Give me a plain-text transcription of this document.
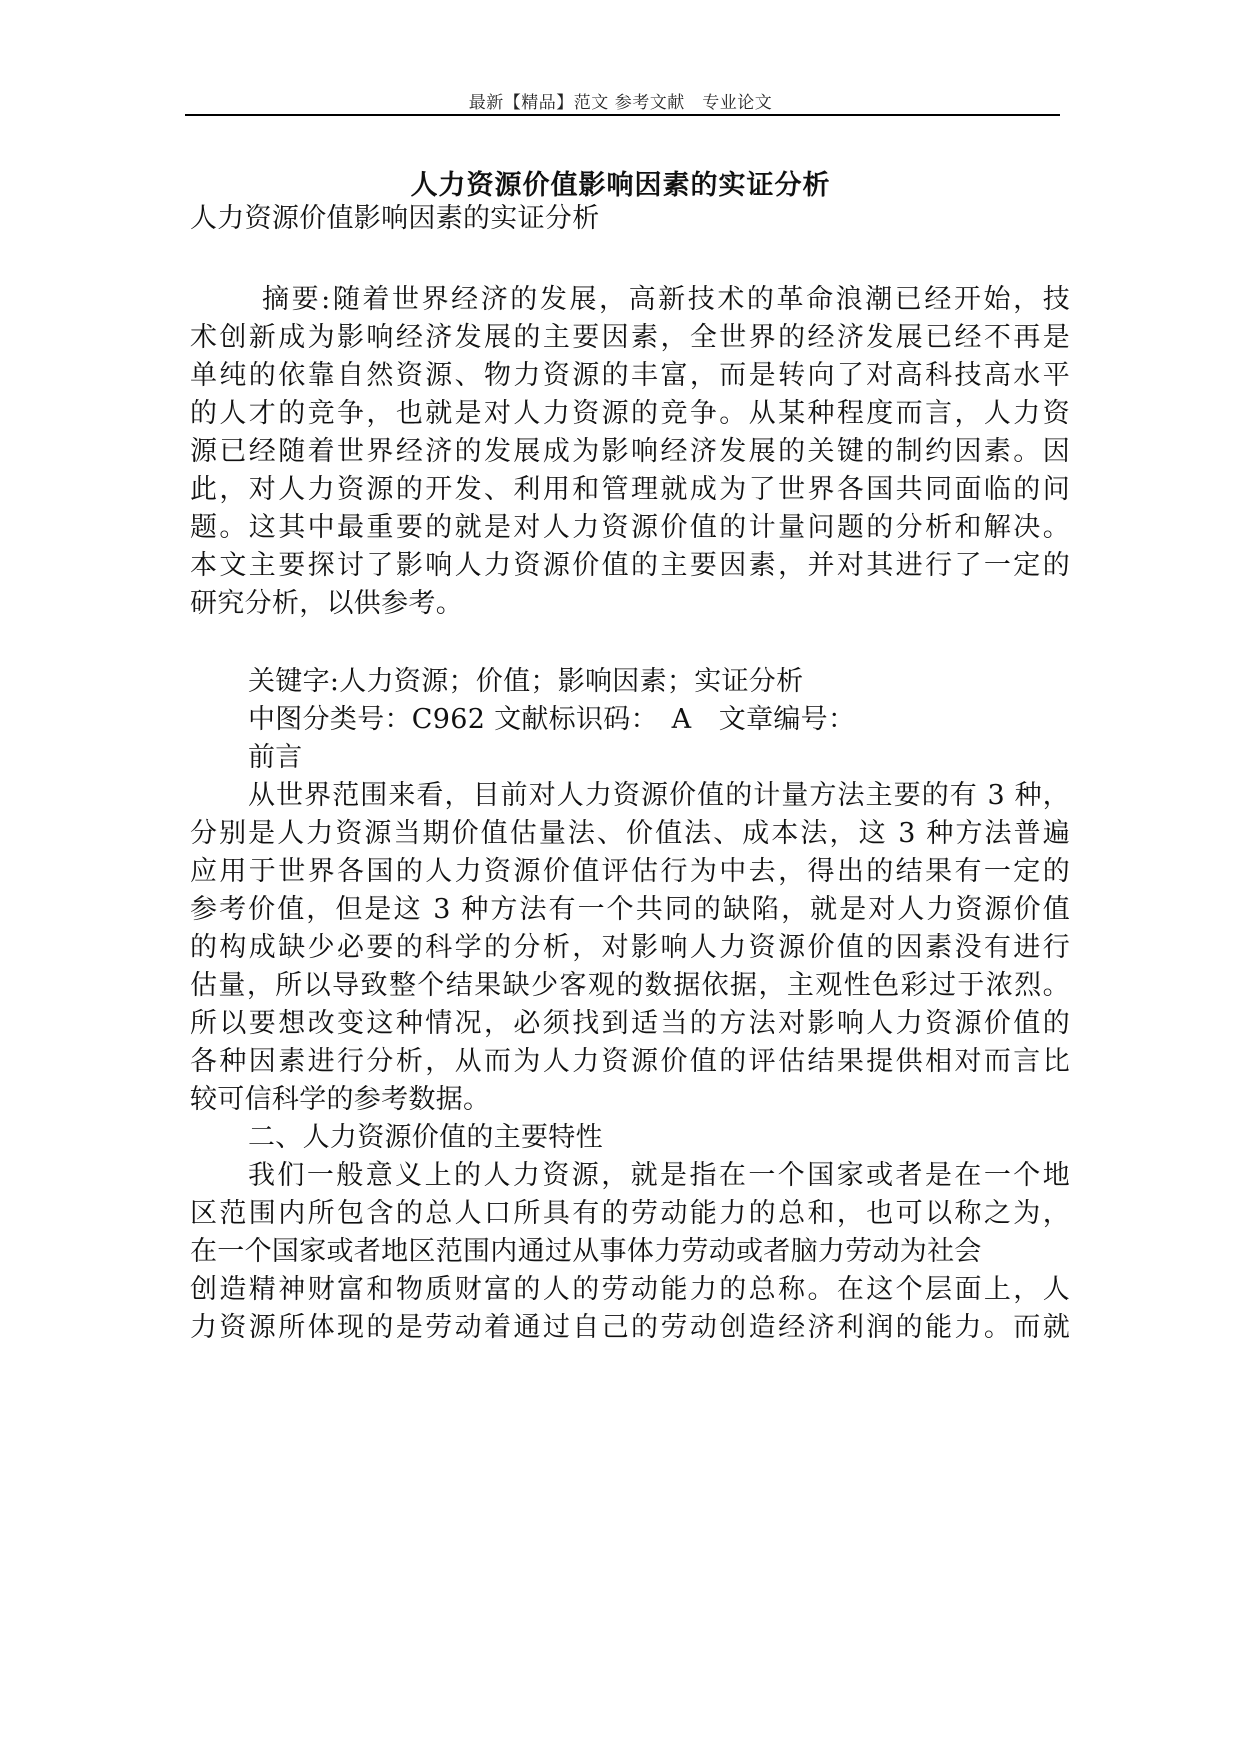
最新【精品】范文 参考文献　专业论文
人力资源价值影响因素的实证分析
人力资源价值影响因素的实证分析
摘要:随着世界经济的发展，高新技术的革命浪潮已经开始，技
术创新成为影响经济发展的主要因素，全世界的经济发展已经不再是
单纯的依靠自然资源、物力资源的丰富，而是转向了对高科技高水平
的人才的竞争，也就是对人力资源的竞争。从某种程度而言，人力资
源已经随着世界经济的发展成为影响经济发展的关键的制约因素。因
此，对人力资源的开发、利用和管理就成为了世界各国共同面临的问
题。这其中最重要的就是对人力资源价值的计量问题的分析和解决。
本文主要探讨了影响人力资源价值的主要因素，并对其进行了一定的
研究分析，以供参考。
关键字:人力资源；价值；影响因素；实证分析
中图分类号：C962 文献标识码：　A　文章编号：
前言
从世界范围来看，目前对人力资源价值的计量方法主要的有 3 种，
分别是人力资源当期价值估量法、价值法、成本法，这 3 种方法普遍
应用于世界各国的人力资源价值评估行为中去，得出的结果有一定的
参考价值，但是这 3 种方法有一个共同的缺陷，就是对人力资源价值
的构成缺少必要的科学的分析，对影响人力资源价值的因素没有进行
估量，所以导致整个结果缺少客观的数据依据，主观性色彩过于浓烈。
所以要想改变这种情况，必须找到适当的方法对影响人力资源价值的
各种因素进行分析，从而为人力资源价值的评估结果提供相对而言比
较可信科学的参考数据。
二、人力资源价值的主要特性
我们一般意义上的人力资源，就是指在一个国家或者是在一个地
区范围内所包含的总人口所具有的劳动能力的总和，也可以称之为，
在一个国家或者地区范围内通过从事体力劳动或者脑力劳动为社会
创造精神财富和物质财富的人的劳动能力的总称。在这个层面上，人
力资源所体现的是劳动着通过自己的劳动创造经济利润的能力。而就
